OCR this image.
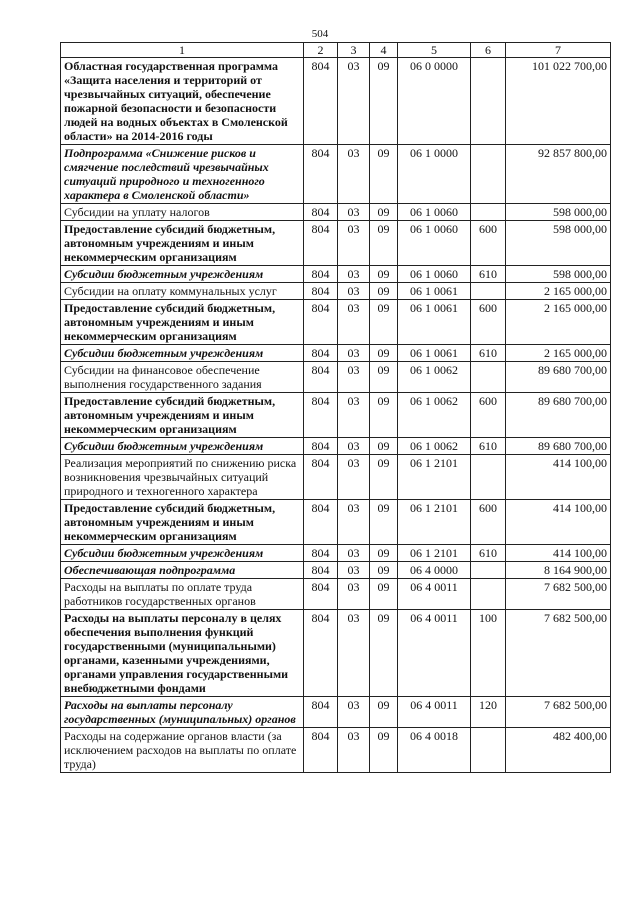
504
1	2	3	4	5	6	7
Областная государственная программа «Защита населения и территорий от чрезвычайных ситуаций, обеспечение пожарной безопасности и безопасности людей на водных объектах в Смоленской области» на 2014-2016 годы	804	03	09	06 0 0000		101 022 700,00
Подпрограмма «Снижение рисков и смягчение последствий чрезвычайных ситуаций природного и техногенного характера в Смоленской области»	804	03	09	06 1 0000		92 857 800,00
Субсидии на уплату налогов	804	03	09	06 1 0060		598 000,00
Предоставление субсидий бюджетным, автономным учреждениям и иным некоммерческим организациям	804	03	09	06 1 0060	600	598 000,00
Субсидии бюджетным учреждениям	804	03	09	06 1 0060	610	598 000,00
Субсидии на оплату коммунальных услуг	804	03	09	06 1 0061		2 165 000,00
Предоставление субсидий бюджетным, автономным учреждениям и иным некоммерческим организациям	804	03	09	06 1 0061	600	2 165 000,00
Субсидии бюджетным учреждениям	804	03	09	06 1 0061	610	2 165 000,00
Субсидии на финансовое обеспечение выполнения государственного задания	804	03	09	06 1 0062		89 680 700,00
Предоставление субсидий бюджетным, автономным учреждениям и иным некоммерческим организациям	804	03	09	06 1 0062	600	89 680 700,00
Субсидии бюджетным учреждениям	804	03	09	06 1 0062	610	89 680 700,00
Реализация мероприятий по снижению риска возникновения чрезвычайных ситуаций природного и техногенного характера	804	03	09	06 1 2101		414 100,00
Предоставление субсидий бюджетным, автономным учреждениям и иным некоммерческим организациям	804	03	09	06 1 2101	600	414 100,00
Субсидии бюджетным учреждениям	804	03	09	06 1 2101	610	414 100,00
Обеспечивающая подпрограмма	804	03	09	06 4 0000		8 164 900,00
Расходы на выплаты по оплате труда работников государственных органов	804	03	09	06 4 0011		7 682 500,00
Расходы на выплаты персоналу в целях обеспечения выполнения функций государственными (муниципальными) органами, казенными учреждениями, органами управления государственными внебюджетными фондами	804	03	09	06 4 0011	100	7 682 500,00
Расходы на выплаты персоналу государственных (муниципальных) органов	804	03	09	06 4 0011	120	7 682 500,00
Расходы на содержание органов власти (за исключением расходов на выплаты по оплате труда)	804	03	09	06 4 0018		482 400,00
